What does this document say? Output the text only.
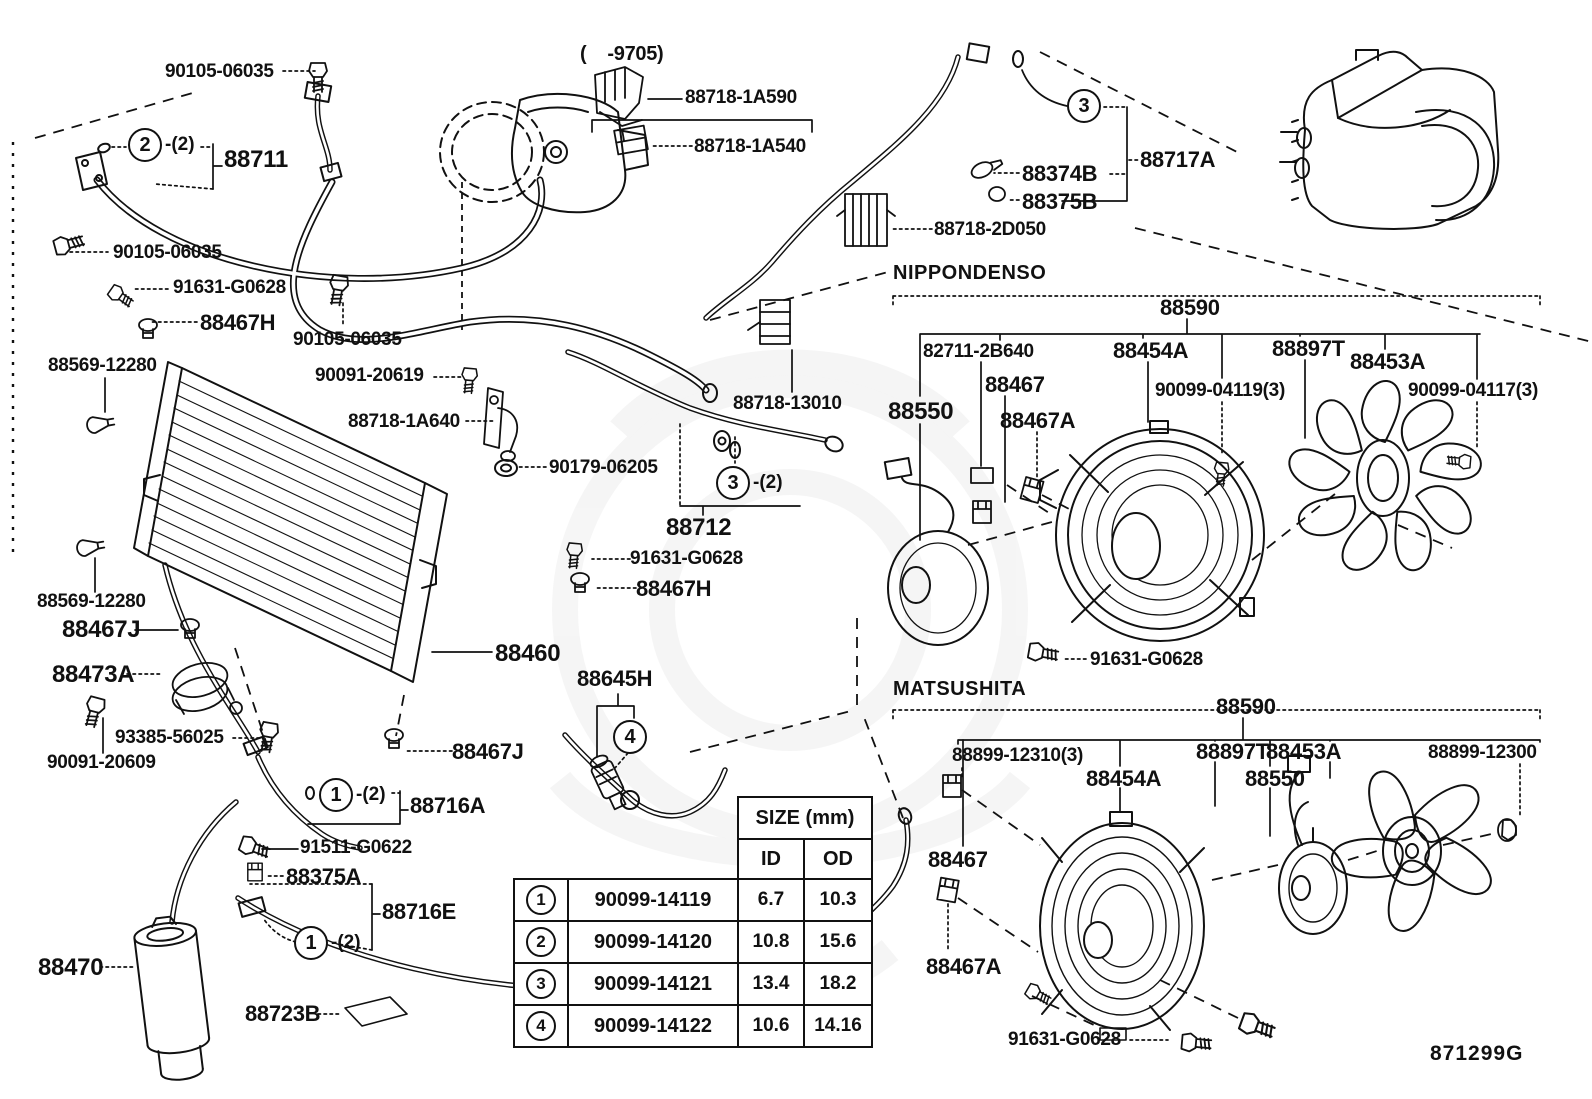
NIPPONDENSO
MATSUSHITA
90105-06035
88711
90105-06035
91631-G0628
88467H
90105-06035
88569-12280	90091-20619
88718-1A640
90179-06205
88718-13010
88712
91631-G0628
88467H
88460
88569-12280
88467J
88473A
93385-56025
90091-20609	88467J
88716A
91511-G0622
88375A
88716E
88470
88723B
88645H
(    -9705)
88718-1A590
88718-1A540
88717A
88374B
88375B
88718-2D050
88590
82711-2B640	88454A	88897T
88453A
90099-04119(3)	90099-04117(3)
88467
88550 88467A
91631-G0628
88590
88899-12310(3)	88897T
88453A	88899-12300
88454A	88550
88467
88467A
91631-G0628
2 -(2)
3
3 -(2)
1 -(2)
1 -(2)
4
SIZE (mm)
ID	OD
1	90099-14119	6.7	10.3
2	90099-14120	10.8	15.6
3	90099-14121	13.4	18.2
4	90099-14122	10.6	14.16
871299G
